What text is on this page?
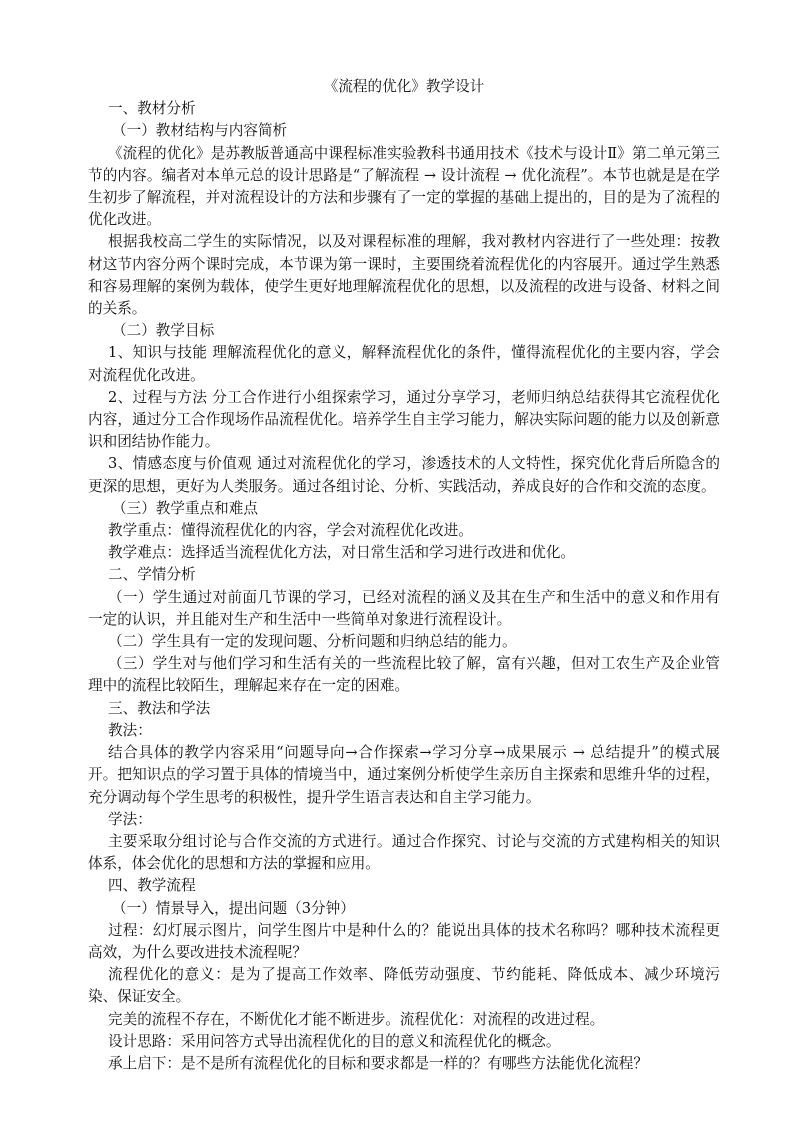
《流程的优化》教学设计

一、教材分析

（一）教材结构与内容简析

《流程的优化》是苏教版普通高中课程标准实验教科书通用技术《技术与设计Ⅱ》第二单元第三节的内容。编者对本单元总的设计思路是“了解流程 → 设计流程 → 优化流程”。本节也就是是在学生初步了解流程，并对流程设计的方法和步骤有了一定的掌握的基础上提出的，目的是为了流程的优化改进。

根据我校高二学生的实际情况，以及对课程标准的理解，我对教材内容进行了一些处理：按教材这节内容分两个课时完成，本节课为第一课时，主要围绕着流程优化的内容展开。通过学生熟悉和容易理解的案例为载体，使学生更好地理解流程优化的思想，以及流程的改进与设备、材料之间的关系。

（二）教学目标

1、知识与技能 理解流程优化的意义，解释流程优化的条件，懂得流程优化的主要内容，学会对流程优化改进。

2、过程与方法 分工合作进行小组探索学习，通过分享学习，老师归纳总结获得其它流程优化内容，通过分工合作现场作品流程优化。培养学生自主学习能力，解决实际问题的能力以及创新意识和团结协作能力。

3、情感态度与价值观 通过对流程优化的学习，渗透技术的人文特性，探究优化背后所隐含的更深的思想，更好为人类服务。通过各组讨论、分析、实践活动，养成良好的合作和交流的态度。

（三）教学重点和难点

教学重点：懂得流程优化的内容，学会对流程优化改进。

教学难点：选择适当流程优化方法，对日常生活和学习进行改进和优化。

二、学情分析

（一）学生通过对前面几节课的学习，已经对流程的涵义及其在生产和生活中的意义和作用有一定的认识，并且能对生产和生活中一些简单对象进行流程设计。

（二）学生具有一定的发现问题、分析问题和归纳总结的能力。

（三）学生对与他们学习和生活有关的一些流程比较了解，富有兴趣，但对工农生产及企业管理中的流程比较陌生，理解起来存在一定的困难。

三、教法和学法

教法：

结合具体的教学内容采用“问题导向→合作探索→学习分享→成果展示 → 总结提升”的模式展开。把知识点的学习置于具体的情境当中，通过案例分析使学生亲历自主探索和思维升华的过程，充分调动每个学生思考的积极性，提升学生语言表达和自主学习能力。

学法：

主要采取分组讨论与合作交流的方式进行。通过合作探究、讨论与交流的方式建构相关的知识体系，体会优化的思想和方法的掌握和应用。

四、教学流程

（一）情景导入，提出问题（3分钟）

过程：幻灯展示图片，问学生图片中是种什么的？能说出具体的技术名称吗？哪种技术流程更高效，为什么要改进技术流程呢？

流程优化的意义：是为了提高工作效率、降低劳动强度、节约能耗、降低成本、减少环境污染、保证安全。

完美的流程不存在，不断优化才能不断进步。流程优化：对流程的改进过程。

设计思路：采用问答方式导出流程优化的目的意义和流程优化的概念。

承上启下：是不是所有流程优化的目标和要求都是一样的？有哪些方法能优化流程？
